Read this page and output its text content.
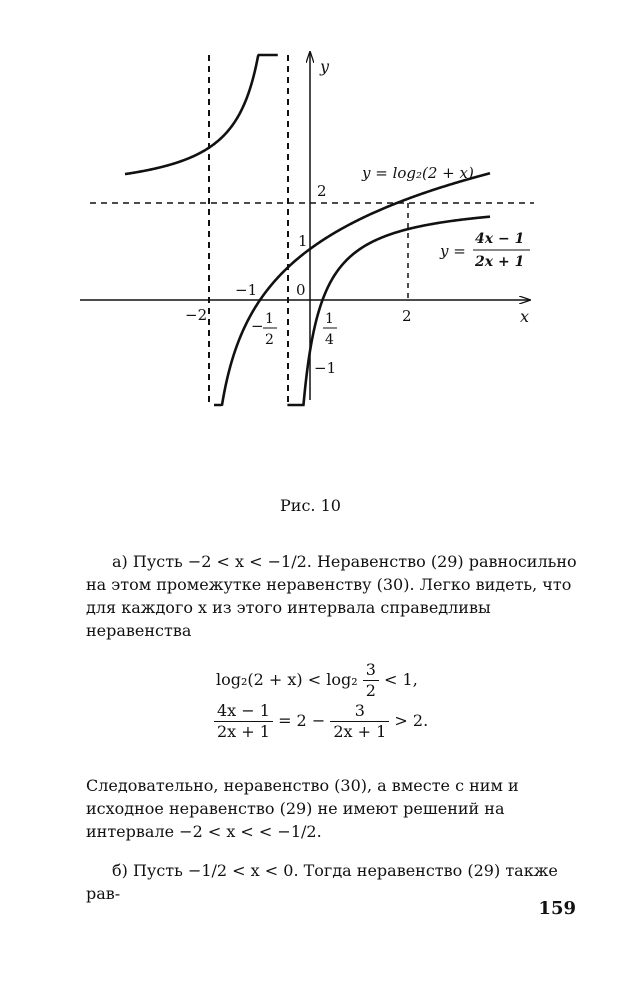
y
x
2
1
−1	0
−2	2
−1
− 1
2
1
4
y = log₂(2 + x)
y =
4x − 1
2x + 1
Рис. 10

а) Пусть −2 < x < −1/2. Неравенство (29) равносильно на этом промежутке неравенству (30). Легко видеть, что для каждого x из этого интервала справедливы неравенства

$\log_2(2 + x) < \log_2 \frac{3}{2} < 1$,
$\frac{4x - 1}{2x + 1} = 2 - \frac{3}{2x + 1} > 2$.

Следовательно, неравенство (30), а вместе с ним и исходное неравенство (29) не имеют решений на интервале −2 < x < < −1/2.

б) Пусть −1/2 < x < 0. Тогда неравенство (29) также рав-

159
